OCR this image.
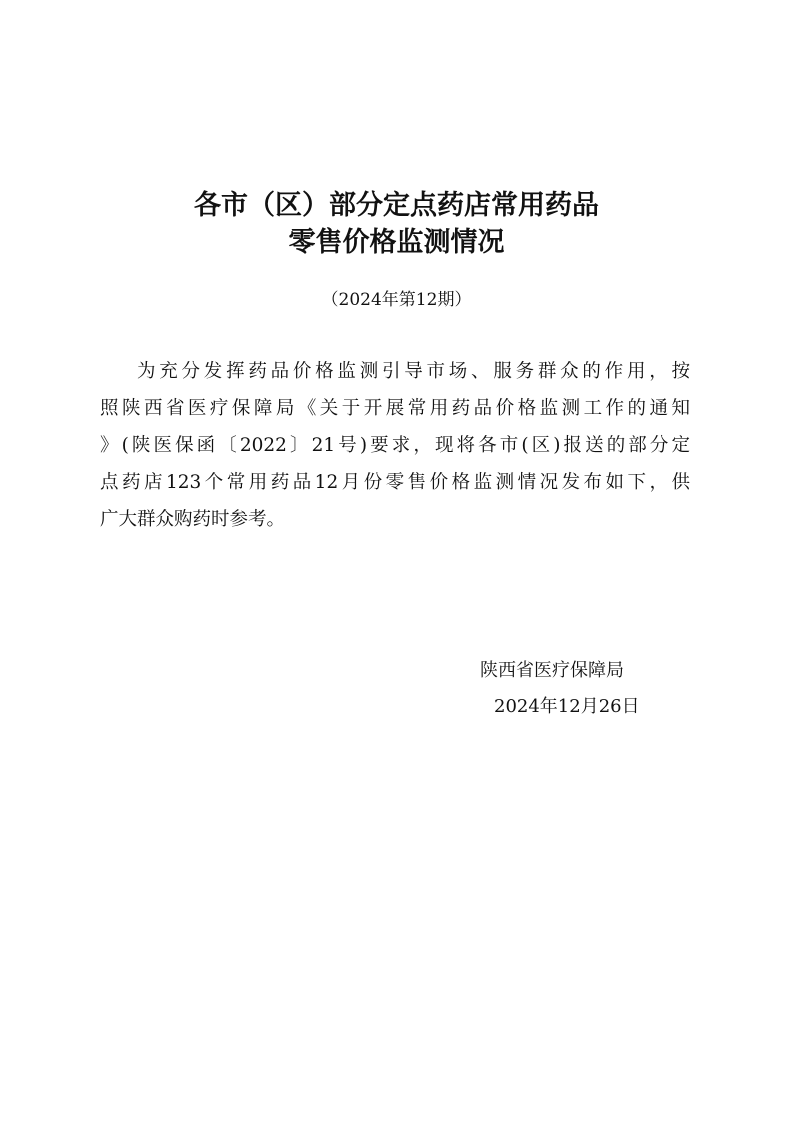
各市（区）部分定点药店常用药品
零售价格监测情况
（2024年第12期）
为充分发挥药品价格监测引导市场、服务群众的作用，按
照陕西省医疗保障局《关于开展常用药品价格监测工作的通知
》(陕医保函〔2022〕21号)要求，现将各市(区)报送的部分定
点药店123个常用药品12月份零售价格监测情况发布如下，供
广大群众购药时参考。
陕西省医疗保障局
2024年12月26日
